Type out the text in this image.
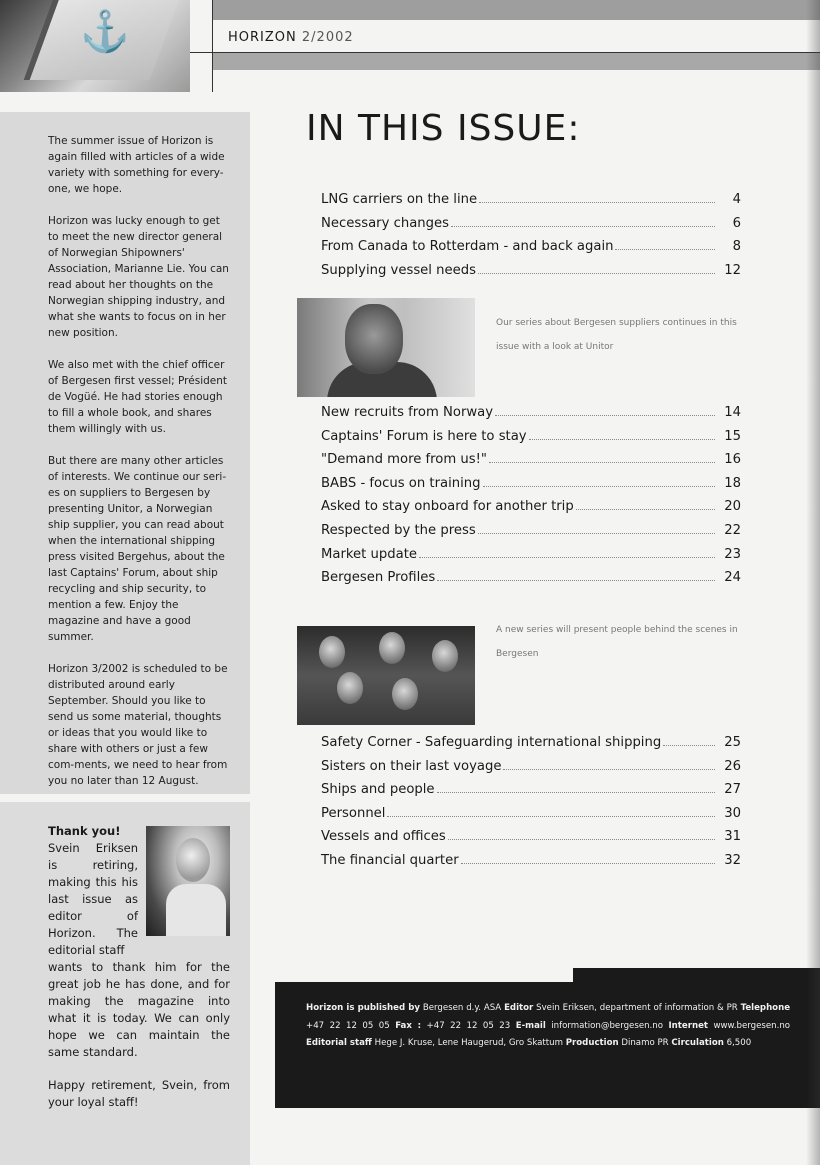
⚓	HORIZON 2/2002

The summer issue of Horizon is again filled with articles of a wide variety with something for every-one, we hope.

Horizon was lucky enough to get to meet the new director general of Norwegian Shipowners' Association, Marianne Lie. You can read about her thoughts on the Norwegian shipping industry, and what she wants to focus on in her new position.

We also met with the chief officer of Bergesen first vessel; Président de Vogüé. He had stories enough to fill a whole book, and shares them willingly with us.

But there are many other articles of interests. We continue our seri-es on suppliers to Bergesen by presenting Unitor, a Norwegian ship supplier, you can read about when the international shipping press visited Bergehus, about the last Captains' Forum, about ship recycling and ship security, to mention a few. Enjoy the magazine and have a good summer.

Horizon 3/2002 is scheduled to be distributed around early September. Should you like to send us some material, thoughts or ideas that you would like to share with others or just a few com-ments, we need to hear from you no later than 12 August.

Thank you!
Svein Eriksen is retiring, making this his last issue as editor of Horizon. The editorial staff
wants to thank him for the great job he has done, and for making the magazine into what it is today. We can only hope we can maintain the same standard.
Happy retirement, Svein, from your loyal staff!
IN THIS ISSUE:
LNG carriers on the line	4
Necessary changes	6
From Canada to Rotterdam - and back again	8
Supplying vessel needs	12
Our series about Bergesen suppliers continues in this issue with a look at Unitor
New recruits from Norway	14
Captains' Forum is here to stay	15
"Demand more from us!"	16
BABS - focus on training	18
Asked to stay onboard for another trip	20
Respected by the press	22
Market update	23
Bergesen Profiles	24
A new series will present people behind the scenes in Bergesen
Safety Corner - Safeguarding international shipping	25
Sisters on their last voyage	26
Ships and people	27
Personnel	30
Vessels and offices	31
The financial quarter	32
Horizon is published by Bergesen d.y. ASA Editor Svein Eriksen, department of information & PR Telephone +47 22 12 05 05 Fax : +47 22 12 05 23 E-mail information@bergesen.no Internet www.bergesen.no Editorial staff Hege J. Kruse, Lene Haugerud, Gro Skattum Production Dinamo PR Circulation 6,500
